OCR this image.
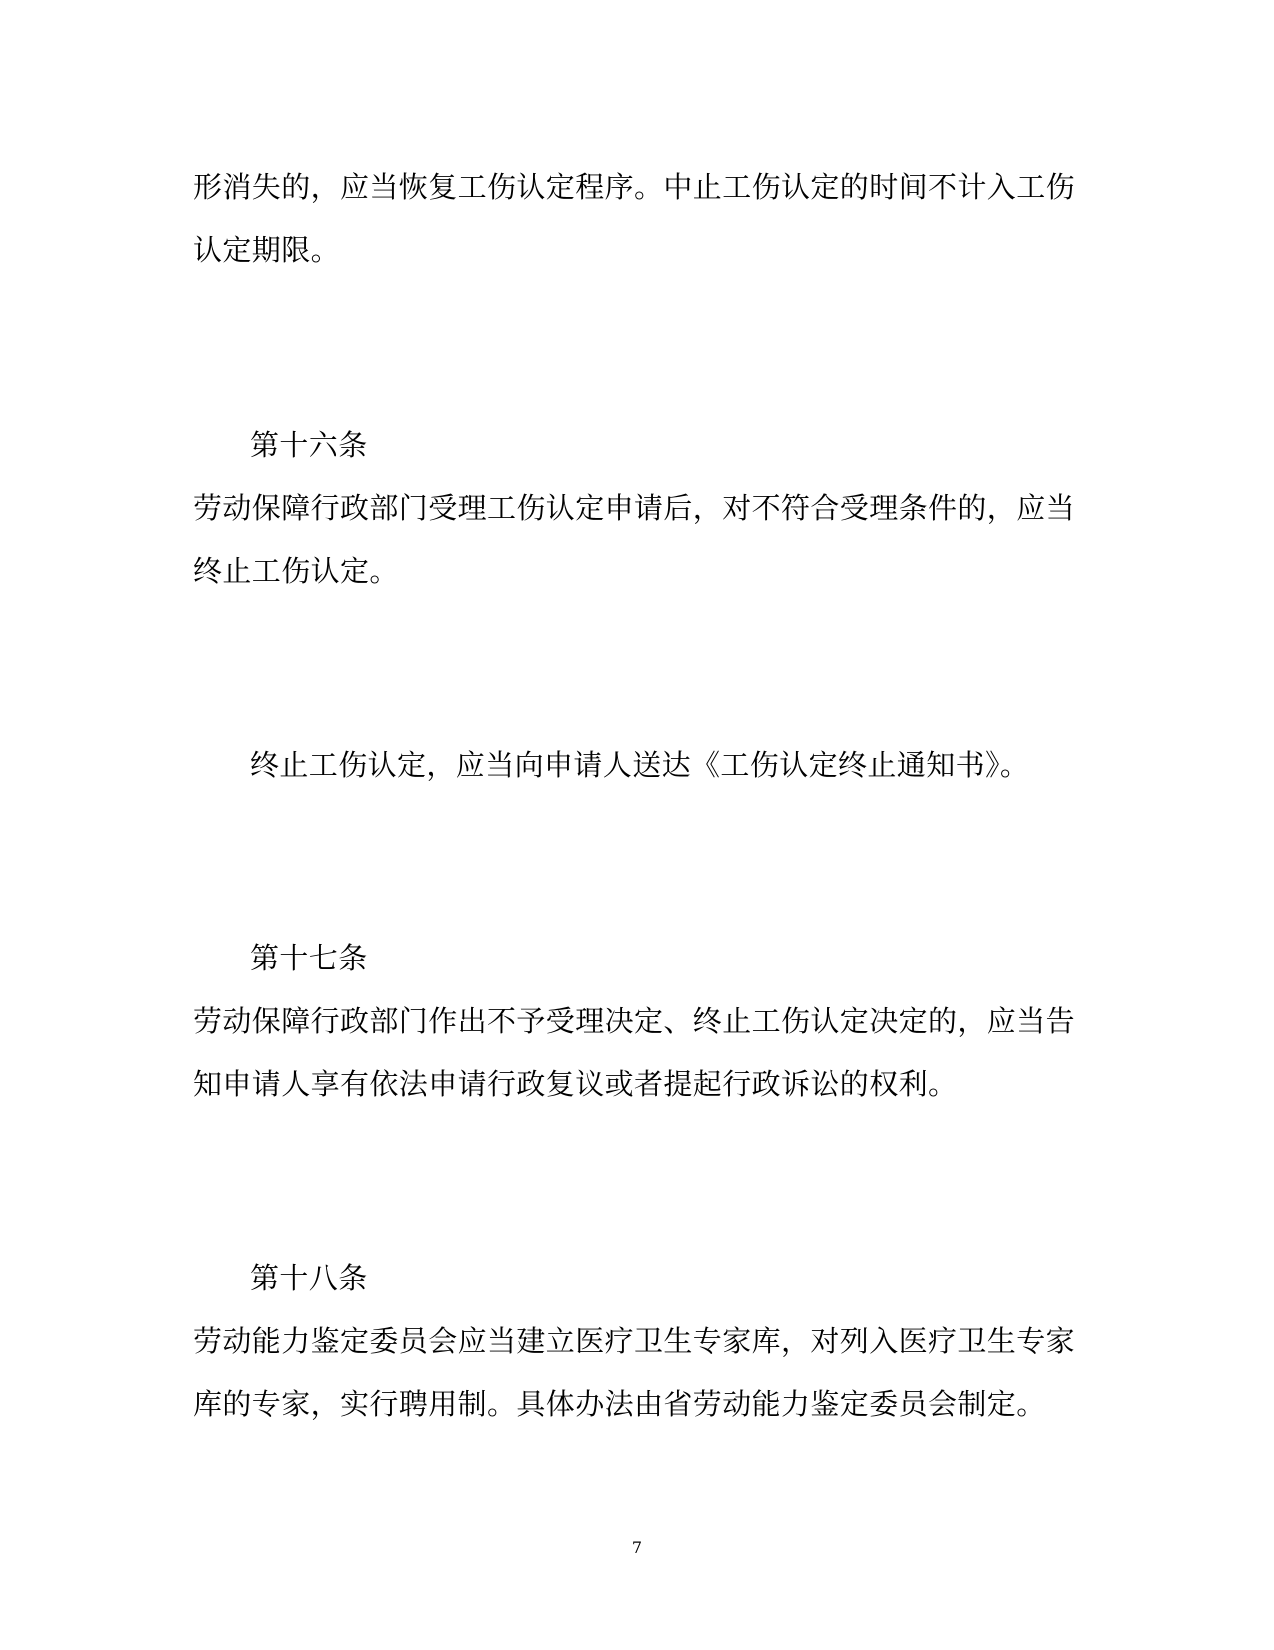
形消失的，应当恢复工伤认定程序。中止工伤认定的时间不计入工伤
认定期限。
第十六条
劳动保障行政部门受理工伤认定申请后，对不符合受理条件的，应当
终止工伤认定。
终止工伤认定，应当向申请人送达《工伤认定终止通知书》。
第十七条
劳动保障行政部门作出不予受理决定、终止工伤认定决定的，应当告
知申请人享有依法申请行政复议或者提起行政诉讼的权利。
第十八条
劳动能力鉴定委员会应当建立医疗卫生专家库，对列入医疗卫生专家
库的专家，实行聘用制。具体办法由省劳动能力鉴定委员会制定。
7
